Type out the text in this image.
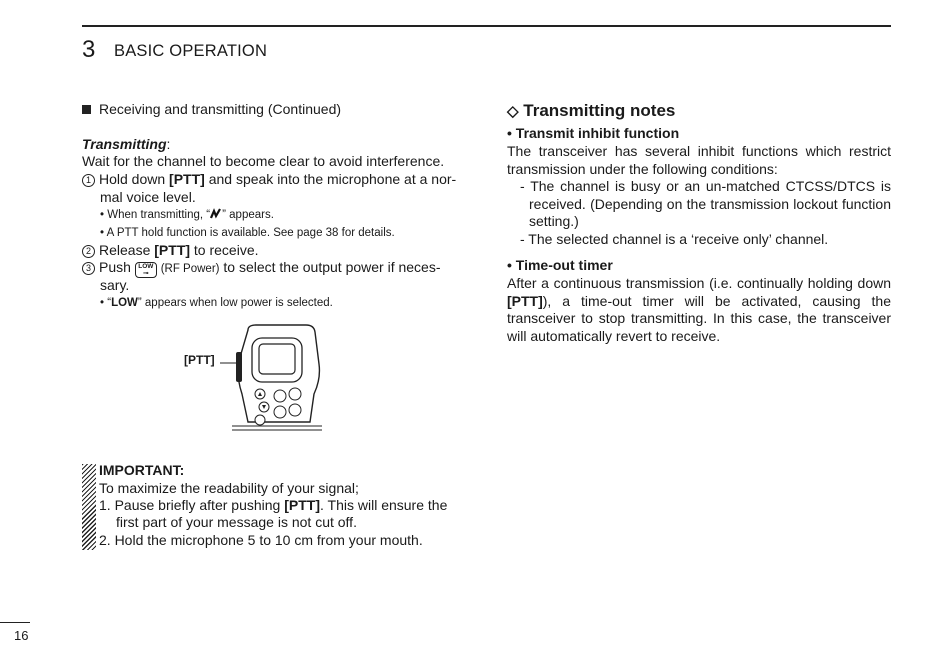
3 BASIC OPERATION
Receiving and transmitting (Continued)
Transmitting:
Wait for the channel to become clear to avoid interference.
1 Hold down [PTT] and speak into the microphone at a nor-
mal voice level.
• When transmitting, “ ” appears.
• A PTT hold function is available. See page 38 for details.
2 Release [PTT] to receive.
3 Push LOW
⊸ (RF Power) to select the output power if neces-
sary.
• “LOW” appears when low power is selected.
[PTT]
IMPORTANT:
To maximize the readability of your signal;
1. Pause briefly after pushing [PTT]. This will ensure the
first part of your message is not cut off.
2. Hold the microphone 5 to 10 cm from your mouth.
◇ Transmitting notes
• Transmit inhibit function
The transceiver has several inhibit functions which restrict transmission under the following conditions:
- The channel is busy or an un-matched CTCSS/DTCS is received. (Depending on the transmission lockout function setting.)
- The selected channel is a ‘receive only’ channel.
• Time-out timer
After a continuous transmission (i.e. continually holding down [PTT]), a time-out timer will be activated, causing the transceiver to stop transmitting. In this case, the transceiver will automatically revert to receive.
16
